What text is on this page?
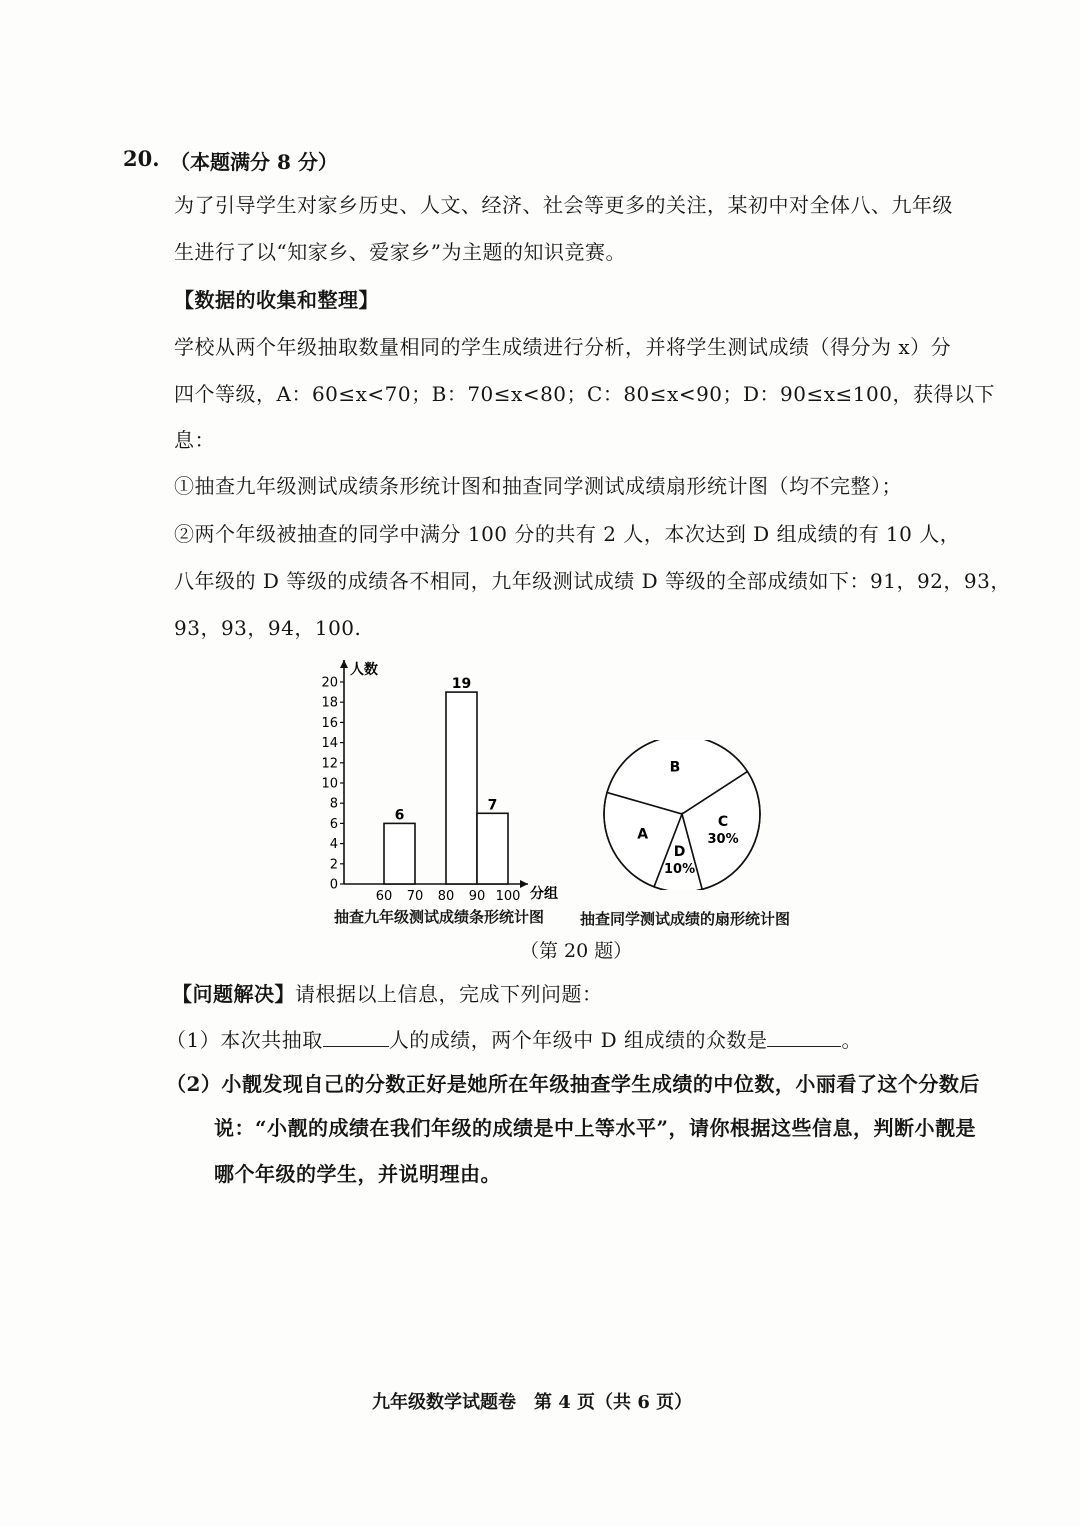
20. （本题满分 8 分）
为了引导学生对家乡历史、人文、经济、社会等更多的关注，某初中对全体八、九年级
生进行了以“知家乡、爱家乡”为主题的知识竞赛。
【数据的收集和整理】
学校从两个年级抽取数量相同的学生成绩进行分析，并将学生测试成绩（得分为 x）分
四个等级，A：60≤x<70；B：70≤x<80；C：80≤x<90；D：90≤x≤100，获得以下
息：
①抽查九年级测试成绩条形统计图和抽查同学测试成绩扇形统计图（均不完整）；
②两个年级被抽查的同学中满分 100 分的共有 2 人，本次达到 D 组成绩的有 10 人，
八年级的 D 等级的成绩各不相同，九年级测试成绩 D 等级的全部成绩如下：91，92，93，
93，93，94，100.
人数
分组
0
2
4
6
8
10
12
14
16
18
20
60 70 80 90 100
6
19
7
A
B
C
30%
D
10%
抽查九年级测试成绩条形统计图 抽查同学测试成绩的扇形统计图
（第 20 题）
【问题解决】请根据以上信息，完成下列问题：
（1）本次共抽取	人的成绩，两个年级中 D 组成绩的众数是	。
（2）小靓发现自己的分数正好是她所在年级抽查学生成绩的中位数，小丽看了这个分数后
说：“小靓的成绩在我们年级的成绩是中上等水平”，请你根据这些信息，判断小靓是
哪个年级的学生，并说明理由。
九年级数学试题卷　第 4 页（共 6 页）
